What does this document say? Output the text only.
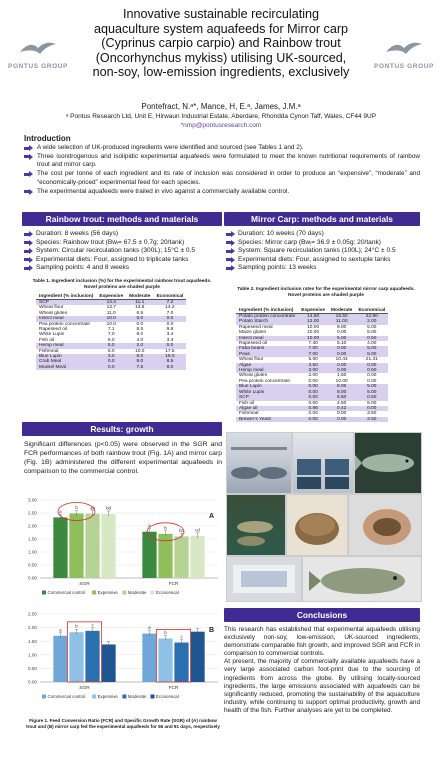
PONTUS GROUP	PONTUS GROUP
Innovative sustainable recirculating
aquaculture system aquafeeds for Mirror carp
(Cyprinus carpio carpio) and Rainbow trout
(Oncorhynchus mykiss) utilising UK-sourced,
non-soy, low-emission ingredients, exclusively
Pontefract, N.ᵃ*, Mance, H, E.ᵃ, James, J.M.ᵃ
ᵃ Pontus Research Ltd, Unit E, Hirwaun Industrial Estate, Aberdare, Rhondda Cynon Taff, Wales, CF44 9UP
*nmp@pontusresearch.com
Introduction
A wide selection of UK-produced ingredients were identified and sourced (see Tables 1 and 2).
Three isonitrogenous and isolipidic experimental aquafeeds were formulated to meet the known nutritional requirements of rainbow trout and mirror carp.
The cost per tonne of each ingredient and its rate of inclusion was considered in order to produce an “expensive”, “moderate” and “economically-priced” experimental feed for each species.
The experimental aquafeeds were trailed in vivo against a commercially available control.
Rainbow trout: methods and materials
Duration: 8 weeks (56 days)
Species: Rainbow trout (Bwᵢ= 67.5 ± 0.7g; 20/tank)
System: Circular recirculation tanks (300L); 15°C ± 0.5
Experimental diets: Four, assigned to triplicate tanks
Sampling points: 4 and 8 weeks
Table 1. Ingredient inclusion (%) for the experimental rainbow trout aquafeeds. Novel proteins are shaded purple
Ingredient (% inclusion)	Expensive	Moderate	Economical
SCP	14.4	11.1	7.2
Wheat flour	13.7	13.6	14.2
Wheat gluten	11.0	6.5	7.0
Insect meal	10.0	5.0	0.0
Pea protein concentrate	10.0	0.0	0.0
Rapeseed oil	7.1	8.5	9.8
White Lupin	7.0	8.0	3.4
Fish oil	6.0	4.0	3.3
Hemp meal	5.0	2.0	0.0
Fishmeal	5.0	10.0	17.5
Blue Lupin	3.0	8.0	15.0
Crab Meal	0.0	9.0	8.5
Mussel Meal	0.0	7.5	8.0
Mirror Carp: methods and materials
Duration: 10 weeks (70 days)
Species: Mirror carp (Bwᵢ= 36.9 ± 0.05g; 20/tank)
System: Square recirculation tanks (100L); 24°C ± 0.5
Experimental diets: Four, assigned to sextuple tanks
Sampling points: 13 weeks
Table 2. Ingredient inclusion rates for the experimental mirror carp aquafeeds. Novel proteins are shaded purple
Ingredient (% inclusion)	Expensive	Moderate	Economical
Potato protein concentrate	14.50	16.50	22.90
Potato Starch	12.00	11.00	2.00
Rapeseed meal	10.00	8.00	5.00
Maize gluten	10.00	0.00	5.00
Insect meal	10.00	5.00	0.50
Rapeseed oil	7.40	5.10	4.00
Faba beans	7.00	0.00	5.00
Peas	7.00	0.00	5.00
Wheat flour	5.90	10.44	21.31
Algae	3.50	0.00	0.00
Hemp meal	3.00	0.00	0.50
Wheat gluten	2.00	1.60	0.00
Pea protein concentrate	0.00	10.00	0.00
Blue Lupin	0.00	8.00	5.00
White Lupin	0.00	8.00	5.00
SCP	0.00	6.50	0.50
Fish oil	0.00	2.50	5.00
Algae oil	0.86	0.42	0.00
Fishmeal	0.00	0.00	3.50
Brewer’s Yeast	0.00	0.00	2.50
Results: growth

Significant differences (p<0.05) were observed in the SGR and FCR performances of both rainbow trout (Fig. 1A) and mirror carp (Fig. 1B) administered the different experimental aquafeeds in comparison to the commercial control.

0.00
0.50
1.00
1.50
2.00
2.50
3.00
a
b	ab	bd
SGR
a	b
bc	cd
FCR
A
Commercial control	Expensive Moderate Economical
0.00
0.50
1.00
1.50
2.00
2.50
a
b	c
SGR
a
b
c
FCR
B
Commercial control	Expensive Moderate Economical
Figure 1. Feed Conversion Ratio (FCR) and Specific Growth Rate (SGR) of (A) rainbow trout and (B) mirror carp fed the experimental aquafeeds for 56 and 91 days, respectively
Conclusions

This research has established that experimental aquafeeds utilising exclusively non-soy, low-emission, UK-sourced ingredients, demonstrate comparable fish growth, and improved SGR and FCR in comparison to commercial controls.

At present, the majority of commercially available aquafeeds have a very large associated carbon foot-print due to the sourcing of ingredients from across the globe. By utilising locally-sourced ingredients, the large emissions associated with aquafeeds can be significantly reduced, promoting the sustainability of the aquaculture industry, while continuing to support optimal productivity, growth and health of the fish. Further analyses are yet to be completed.
